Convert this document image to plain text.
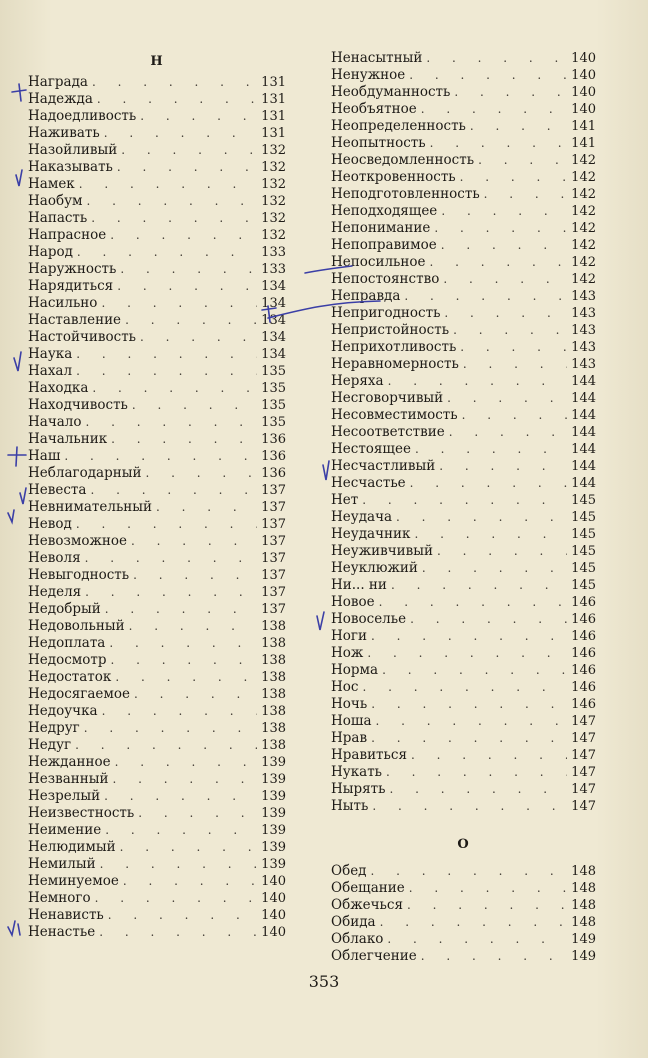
Н
Награда . . .	131
Надежда . . .	131
Надоедливость . . .	131
Наживать . . .	131
Назойливый . . .	132
Наказывать . . .	132
Намек . . .	132
Наобум . . .	132
Напасть . . .	132
Напрасное . . .	132
Народ . . .	133
Наружность . . .	133
Нарядиться . . .	134
Насильно . . .	134
Наставление . . .	134
Настойчивость . . .	134
Наука . . .	134
Нахал . . .	135
Находка . . .	135
Находчивость . . .	135
Начало . . .	135
Начальник . . .	136
Наш . . .	136
Неблагодарный . . .	136
Невеста . . .	137
Невнимательный . . .	137
Невод . . .	137
Невозможное . . .	137
Неволя . . .	137
Невыгодность . . .	137
Неделя . . .	137
Недобрый . . .	137
Недовольный . . .	138
Недоплата . . .	138
Недосмотр . . .	138
Недостаток . . .	138
Недосягаемое . . .	138
Недоучка . . .	138
Недруг . . .	138
Недуг . . .	138
Нежданное . . .	139
Незванный . . .	139
Незрелый . . .	139
Неизвестность . . .	139
Неимение . . .	139
Нелюдимый . . .	139
Немилый . . .	139
Неминуемое . . .	140
Немного . . .	140
Ненависть . . .	140
Ненастье . . .	140
Ненасытный . . .	140
Ненужное . . .	140
Необдуманность . . .	140
Необъятное . . .	140
Неопределенность . . .	141
Неопытность . . .	141
Неосведомленность . . .	142
Неоткровенность . . .	142
Неподготовленность . . .	142
Неподходящее . . .	142
Непонимание . . .	142
Непоправимое . . .	142
Непосильное . . .	142
Непостоянство . . .	142
Неправда . . .	143
Непригодность . . .	143
Непристойность . . .	143
Неприхотливость . . .	143
Неравномерность . . .	143
Неряха . . .	144
Несговорчивый . . .	144
Несовместимость . . .	144
Несоответствие . . .	144
Нестоящее . . .	144
Несчастливый . . .	144
Несчастье . . .	144
Нет . . .	145
Неудача . . .	145
Неудачник . . .	145
Неуживчивый . . .	145
Неуклюжий . . .	145
Ни... ни . . .	145
Новое . . .	146
Новоселье . . .	146
Ноги . . .	146
Нож . . .	146
Норма . . .	146
Нос . . .	146
Ночь . . .	146
Ноша . . .	147
Нрав . . .	147
Нравиться . . .	147
Нукать . . .	147
Нырять . . .	147
Ныть . . .	147
О
Обед . . .	148
Обещание . . .	148
Обжечься . . .	148
Обида . . .	148
Облако . . .	149
Облегчение . . .	149
353
